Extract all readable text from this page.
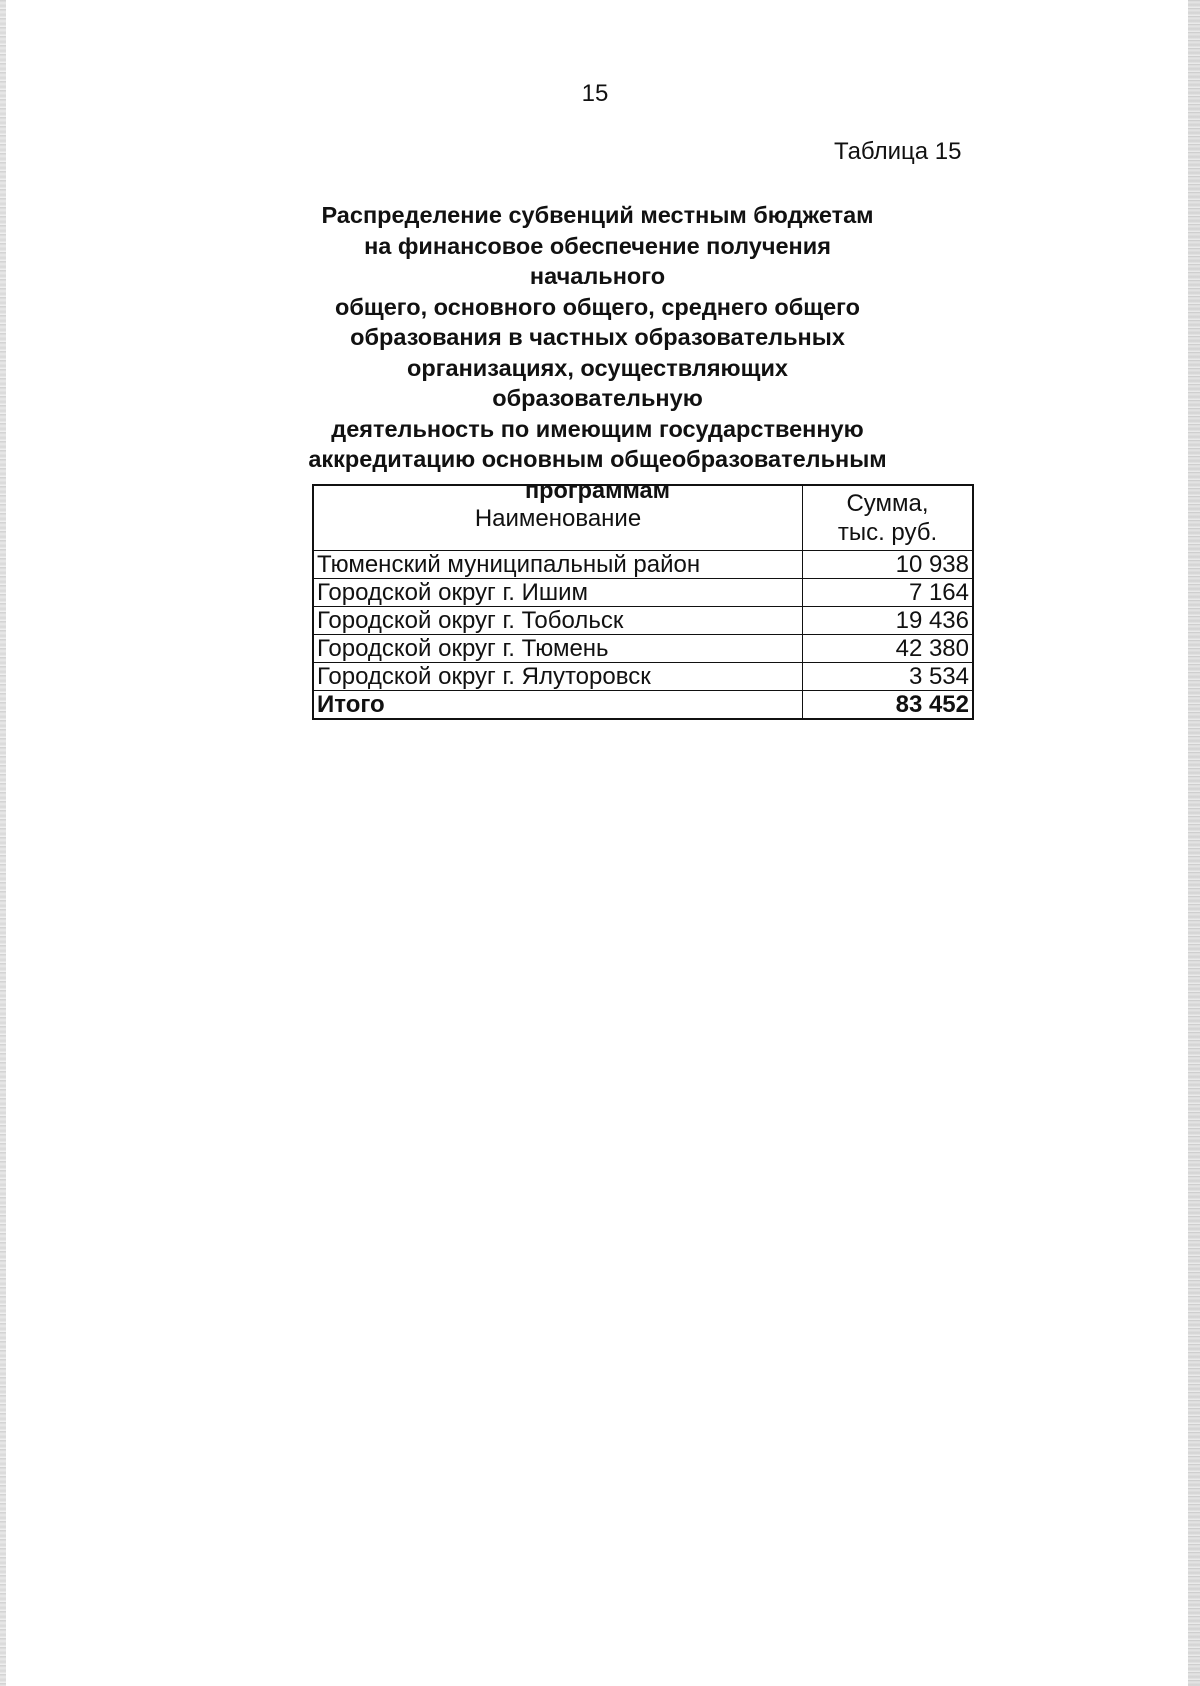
15
Таблица 15
Распределение субвенций местным бюджетам
на финансовое обеспечение получения начального
общего, основного общего, среднего общего
образования в частных образовательных
организациях, осуществляющих образовательную
деятельность по имеющим государственную
аккредитацию основным общеобразовательным
программам
Наименование	Сумма,
тыс. руб.
Тюменский муниципальный район	10 938
Городской округ г. Ишим	7 164
Городской округ г. Тобольск	19 436
Городской округ г. Тюмень	42 380
Городской округ г. Ялуторовск	3 534
Итого	83 452
